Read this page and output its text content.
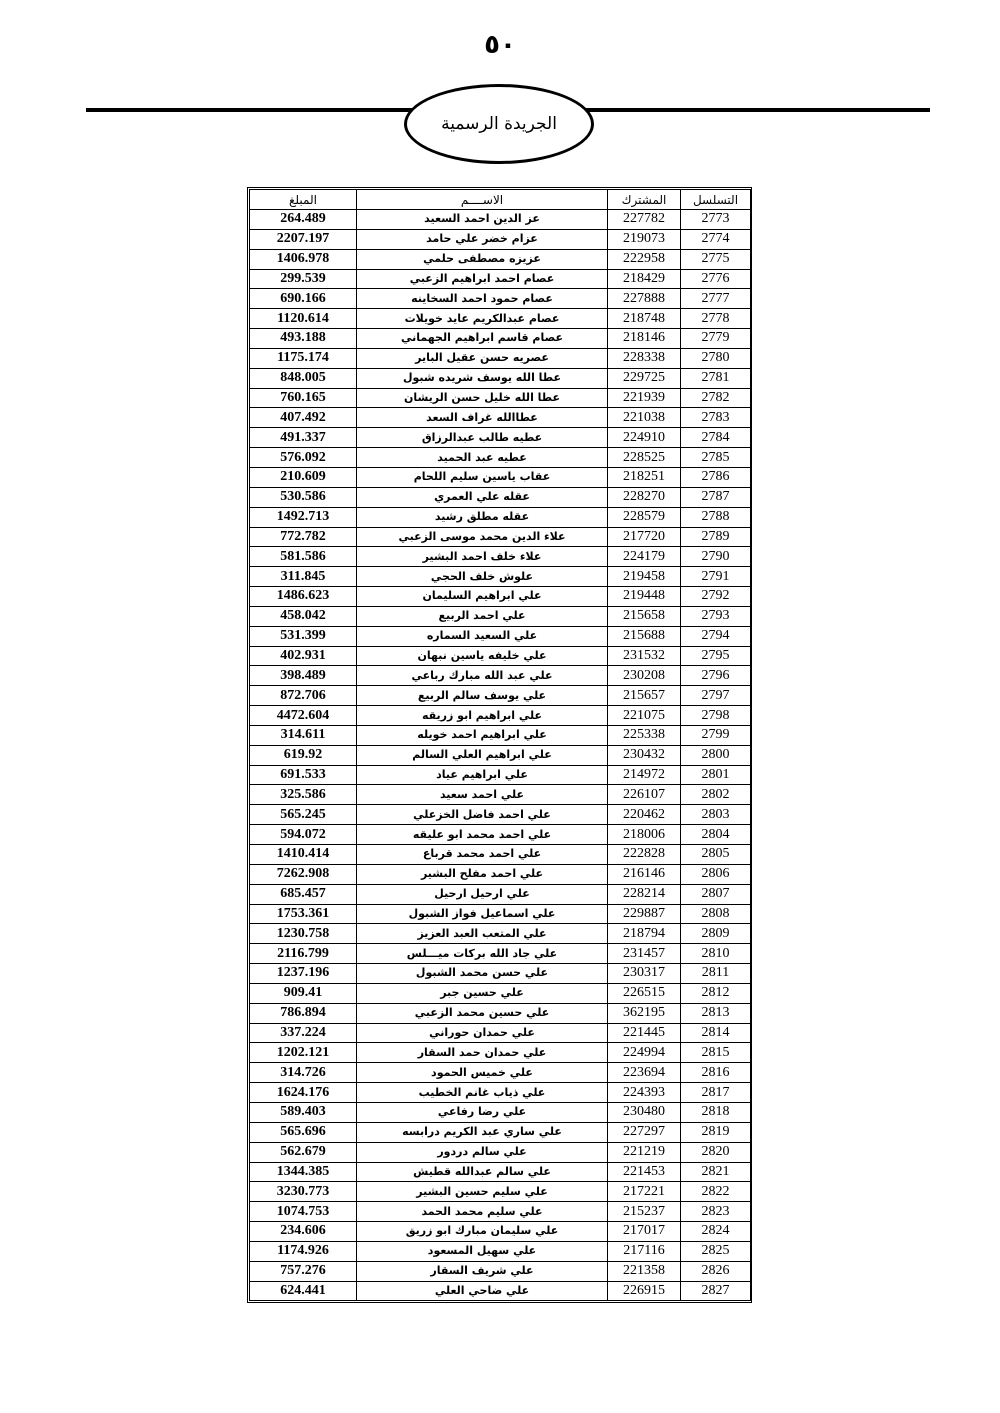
٥٠
الجريدة الرسمية
التسلسل	المشترك	الاســــم	المبلغ
2773	227782	عز الدين احمد السعيد	264.489
2774	219073	عزام خضر علي حامد	2207.197
2775	222958	عزيزه مصطفى حلمي	1406.978
2776	218429	عصام احمد ابراهيم الزعبي	299.539
2777	227888	عصام حمود احمد السخاينه	690.166
2778	218748	عصام عبدالكريم عايد خويلات	1120.614
2779	218146	عصام قاسم ابراهيم الجهماني	493.188
2780	228338	عصريه حسن عقيل الباير	1175.174
2781	229725	عطا الله يوسف شريده شبول	848.005
2782	221939	عطا الله خليل حسن الريشان	760.165
2783	221038	عطاالله غراف السعد	407.492
2784	224910	عطيه طالب عبدالرزاق	491.337
2785	228525	عطيه عبد الحميد	576.092
2786	218251	عقاب ياسين سليم اللحام	210.609
2787	228270	عقله علي العمري	530.586
2788	228579	عقله مطلق رشيد	1492.713
2789	217720	علاء الدين محمد موسى الزعبي	772.782
2790	224179	علاء خلف احمد البشير	581.586
2791	219458	علوش خلف الحجي	311.845
2792	219448	علي ابراهيم السليمان	1486.623
2793	215658	علي احمد الربيع	458.042
2794	215688	علي السعيد السماره	531.399
2795	231532	علي خليفه ياسين نبهان	402.931
2796	230208	علي عبد الله مبارك رباعي	398.489
2797	215657	علي يوسف سالم الربيع	872.706
2798	221075	علي ابراهيم ابو زريقه	4472.604
2799	225338	علي ابراهيم احمد خويله	314.611
2800	230432	علي ابراهيم العلي السالم	619.92
2801	214972	علي ابراهيم عياد	691.533
2802	226107	علي احمد سعيد	325.586
2803	220462	علي احمد فاضل الخزعلي	565.245
2804	218006	علي احمد محمد ابو عليقه	594.072
2805	222828	علي احمد محمد قرباع	1410.414
2806	216146	علي احمد مفلح البشير	7262.908
2807	228214	علي ارحيل ارحيل	685.457
2808	229887	علي اسماعيل فواز الشبول	1753.361
2809	218794	علي المتعب العبد العزيز	1230.758
2810	231457	علي جاد الله بركات ميـــلس	2116.799
2811	230317	علي حسن محمد الشبول	1237.196
2812	226515	علي حسين جبر	909.41
2813	362195	علي حسين محمد الزعبي	786.894
2814	221445	علي حمدان حوراني	337.224
2815	224994	علي حمدان حمد السقار	1202.121
2816	223694	علي خميس الحمود	314.726
2817	224393	علي ذياب غانم الخطيب	1624.176
2818	230480	علي رضا رفاعي	589.403
2819	227297	علي ساري عبد الكريم درابسه	565.696
2820	221219	علي سالم دردور	562.679
2821	221453	علي سالم عبدالله قطيش	1344.385
2822	217221	علي سليم حسين البشير	3230.773
2823	215237	علي سليم محمد الحمد	1074.753
2824	217017	علي سليمان مبارك ابو زريق	234.606
2825	217116	علي سهيل المسعود	1174.926
2826	221358	علي شريف السقار	757.276
2827	226915	علي ضاحي العلي	624.441
